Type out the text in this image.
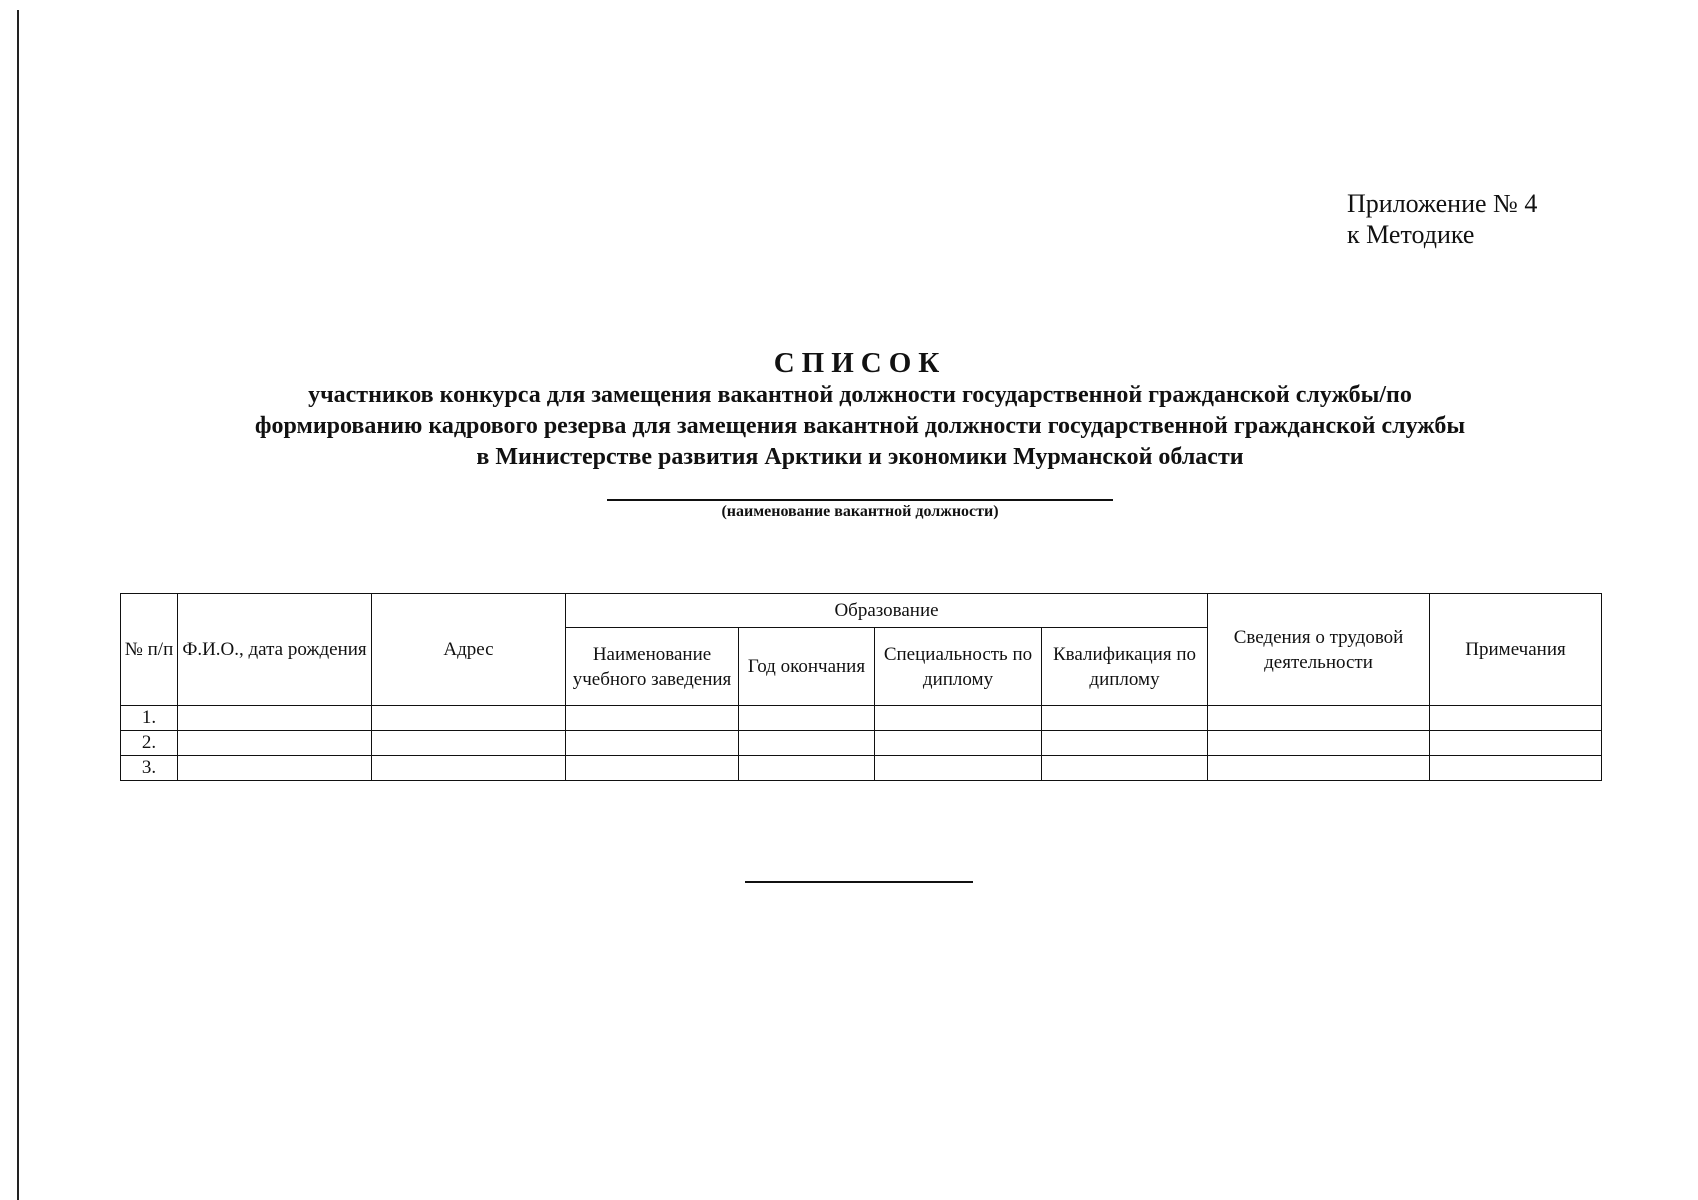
Приложение № 4
к Методике
СПИСОК
участников конкурса для замещения вакантной должности государственной гражданской службы/по
формированию кадрового резерва для замещения вакантной должности государственной гражданской службы
в Министерстве развития Арктики и экономики Мурманской области
(наименование вакантной должности)
№ п/п	Ф.И.О., дата рождения	Адрес	Образование				Сведения о трудовой деятельности	Примечания
			Наименование учебного заведения	Год окончания	Специальность по диплому	Квалификация по диплому		
1.								
2.								
3.								
